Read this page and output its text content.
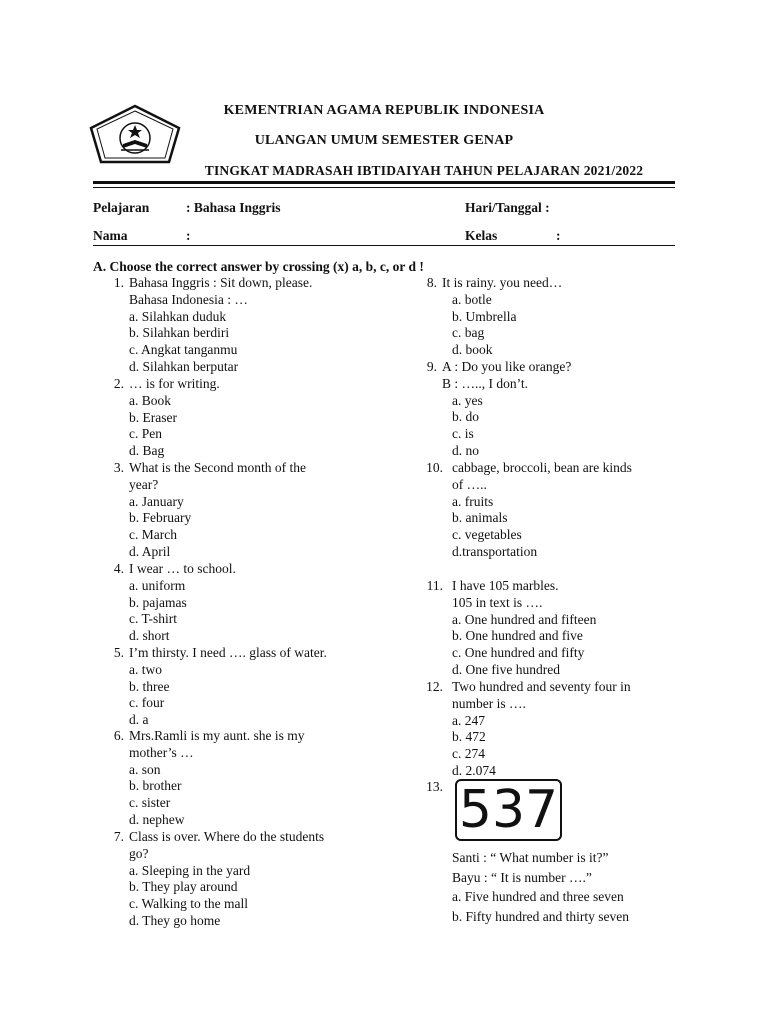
KEMENTRIAN AGAMA REPUBLIK INDONESIA
ULANGAN UMUM SEMESTER GENAP
TINGKAT MADRASAH IBTIDAIYAH TAHUN PELAJARAN 2021/2022
Pelajaran	: Bahasa Inggris	Hari/Tanggal :
Nama	:	Kelas	:
A. Choose the correct answer by crossing (x) a, b, c, or d !
1. Bahasa Inggris : Sit down, please.
Bahasa Indonesia : …
a. Silahkan duduk
b. Silahkan berdiri
c. Angkat tanganmu
d. Silahkan berputar
2. … is for writing.
a. Book
b. Eraser
c. Pen
d. Bag
3. What is the Second month of the
year?
a. January
b. February
c. March
d. April
4. I wear … to school.
a. uniform
b. pajamas
c. T-shirt
d. short
5. I’m thirsty. I need …. glass of water.
a. two
b. three
c. four
d. a
6. Mrs.Ramli is my aunt. she is my
mother’s …
a. son
b. brother
c. sister
d. nephew
7. Class is over. Where do the students
go?
a. Sleeping in the yard
b. They play around
c. Walking to the mall
d. They go home
8. It is rainy. you need…
a. botle
b. Umbrella
c. bag
d. book
9. A : Do you like orange?
B : ….., I don’t.
a. yes
b. do
c. is
d. no
10. cabbage, broccoli, bean are kinds
of …..
a. fruits
b. animals
c. vegetables
d.transportation
11. I have 105 marbles.
105 in text is ….
a. One hundred and fifteen
b. One hundred and five
c. One hundred and fifty
d. One five hundred
12. Two hundred and seventy four in
number is ….
a. 247
b. 472
c. 274
d. 2.074
13. 537
Santi : “ What number is it?”
Bayu : “ It is number ….”
a. Five hundred and three seven
b. Fifty hundred and thirty seven
